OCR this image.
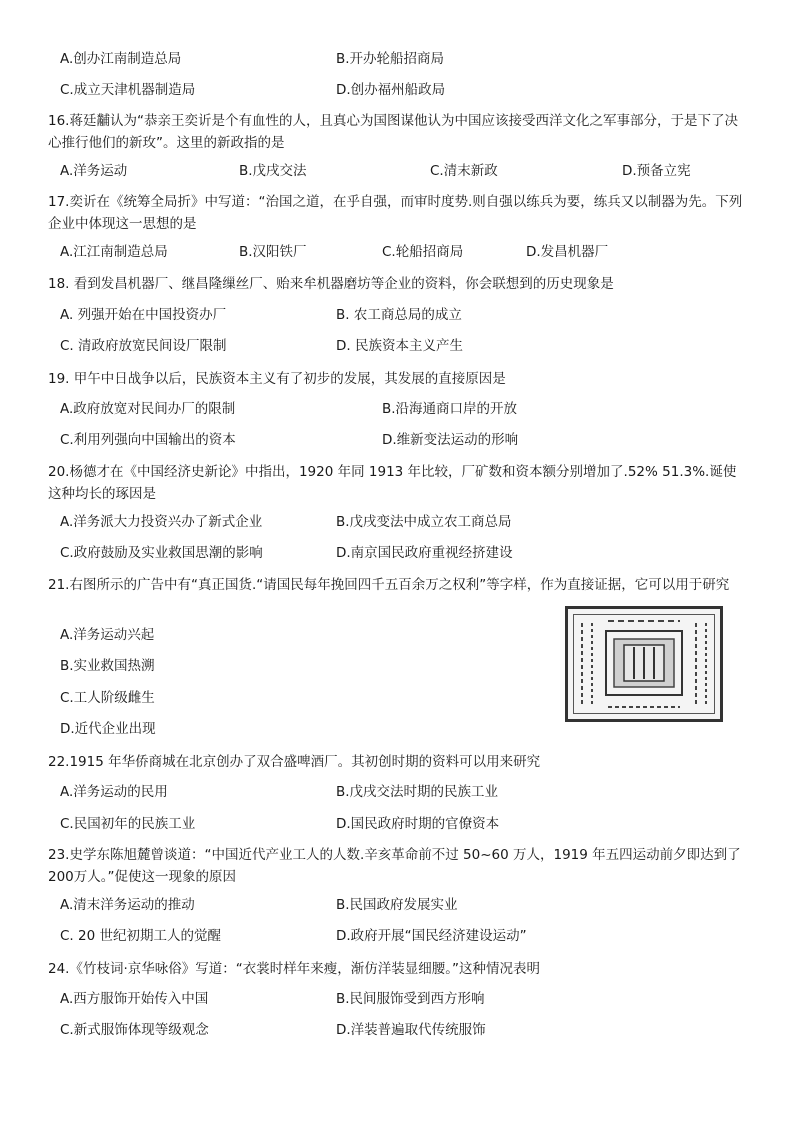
A.创办江南制造总局	B.开办轮船招商局
C.成立天津机器制造局	D.创办福州船政局
16.蒋廷黼认为“恭亲王奕䜣是个有血性的人，且真心为国图谋他认为中国应该接受西洋文化之军事部分，于是下了决心推行他们的新玫”。这里的新政指的是
A.洋务运动	B.戊戌交法	C.清末新政	D.预备立宪
17.奕䜣在《统筹全局折》中写道：“治国之道，在乎自强，而审时度势.则自强以练兵为要，练兵又以制器为先。下列企业中体现这一思想的是
A.江江南制造总局	B.汉阳铁厂	C.轮船招商局	D.发昌机器厂
18. 看到发昌机器厂、继昌隆缫丝厂、贻来牟机器磨坊等企业的资料，你会联想到的历史现象是
A. 列强开始在中国投资办厂	B. 农工商总局的成立
C. 清政府放宽民间设厂限制	D. 民族资本主义产生
19. 甲午中日战争以后，民族资本主义有了初步的发展，其发展的直接原因是
A.政府放宽对民间办厂的限制	B.沿海通商口岸的开放
C.利用列强向中国输出的资本	D.维新变法运动的形响
20.杨德才在《中国经济史新论》中指出，1920 年同 1913 年比较，厂矿数和资本额分别增加了.52% 51.3%.诞使这种均长的琢因是
A.洋务派大力投资兴办了新式企业	B.戊戌变法中成立农工商总局
C.政府鼓励及实业救国思潮的影响	D.南京国民政府重视经挤建设
21.右图所示的广告中有“真正国货.“请国民每年挽回四千五百余万之权利”等字样，作为直接证据，它可以用于研究
A.洋务运动兴起
B.实业救国热溯
C.工人阶级雌生
D.近代企业出现
22.1915 年华侨商城在北京创办了双合盛啤酒厂。其初创时期的资料可以用来研究
A.洋务运动的民用	B.戊戌交法时期的民族工业
C.民国初年的民族工业	D.国民政府时期的官僚资本
23.史学东陈旭麓曾谈道：“中国近代产业工人的人数.辛亥革命前不过 50~60 万人，1919 年五四运动前夕即达到了 200万人。”促使这一现象的原因
A.清末洋务运动的推动	B.民国政府发展实业
C. 20 世纪初期工人的觉醒	D.政府开展“国民经济建设运动”
24.《竹枝词·京华咏俗》写道：“衣裳时样年来瘦，渐仿洋装显细腰。”这种情况表明
A.西方服饰开始传入中国	B.民间服饰受到西方形响
C.新式服饰体现等级观念	D.洋装普遍取代传统服饰
